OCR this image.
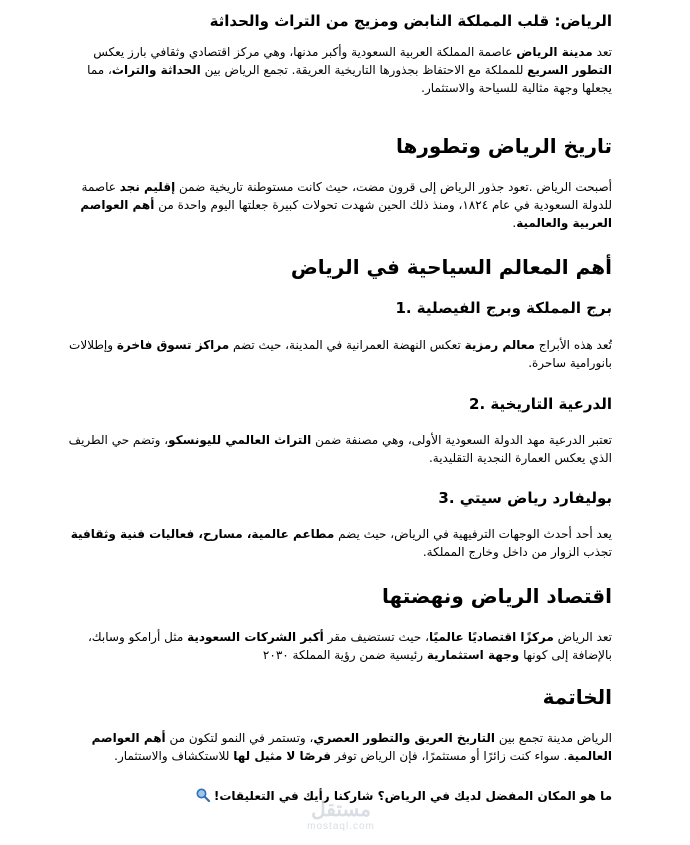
الرياض: قلب المملكة النابض ومزيج من التراث والحداثة
تعد مدينة الرياض عاصمة المملكة العربية السعودية وأكبر مدنها، وهي مركز اقتصادي وثقافي بارز يعكس التطور السريع للمملكة مع الاحتفاظ بجذورها التاريخية العريقة. تجمع الرياض بين الحداثة والتراث، مما يجعلها وجهة مثالية للسياحة والاستثمار.
تاريخ الرياض وتطورها
أصبحت الرياض .تعود جذور الرياض إلى قرون مضت، حيث كانت مستوطنة تاريخية ضمن إقليم نجد عاصمة للدولة السعودية في عام ١٨٢٤، ومنذ ذلك الحين شهدت تحولات كبيرة جعلتها اليوم واحدة من أهم العواصم العربية والعالمية.
أهم المعالم السياحية في الرياض
برج المملكة وبرج الفيصلية .1
تُعد هذه الأبراج معالم رمزية تعكس النهضة العمرانية في المدينة، حيث تضم مراكز تسوق فاخرة وإطلالات بانورامية ساحرة.
الدرعية التاريخية .2
تعتبر الدرعية مهد الدولة السعودية الأولى، وهي مصنفة ضمن التراث العالمي لليونسكو، وتضم حي الطريف الذي يعكس العمارة النجدية التقليدية.
بوليفارد رياض سيتي .3
يعد أحد أحدث الوجهات الترفيهية في الرياض، حيث يضم مطاعم عالمية، مسارح، فعاليات فنية وثقافية تجذب الزوار من داخل وخارج المملكة.
اقتصاد الرياض ونهضتها
تعد الرياض مركزًا اقتصاديًا عالميًا، حيث تستضيف مقر أكبر الشركات السعودية مثل أرامكو وسابك، بالإضافة إلى كونها وجهة استثمارية رئيسية ضمن رؤية المملكة ٢٠٣٠
الخاتمة
الرياض مدينة تجمع بين التاريخ العريق والتطور العصري، وتستمر في النمو لتكون من أهم العواصم العالمية. سواء كنت زائرًا أو مستثمرًا، فإن الرياض توفر فرصًا لا مثيل لها للاستكشاف والاستثمار.
ما هو المكان المفضل لديك في الرياض؟ شاركنا رأيك في التعليقات!
مستقل
mostaql.com
